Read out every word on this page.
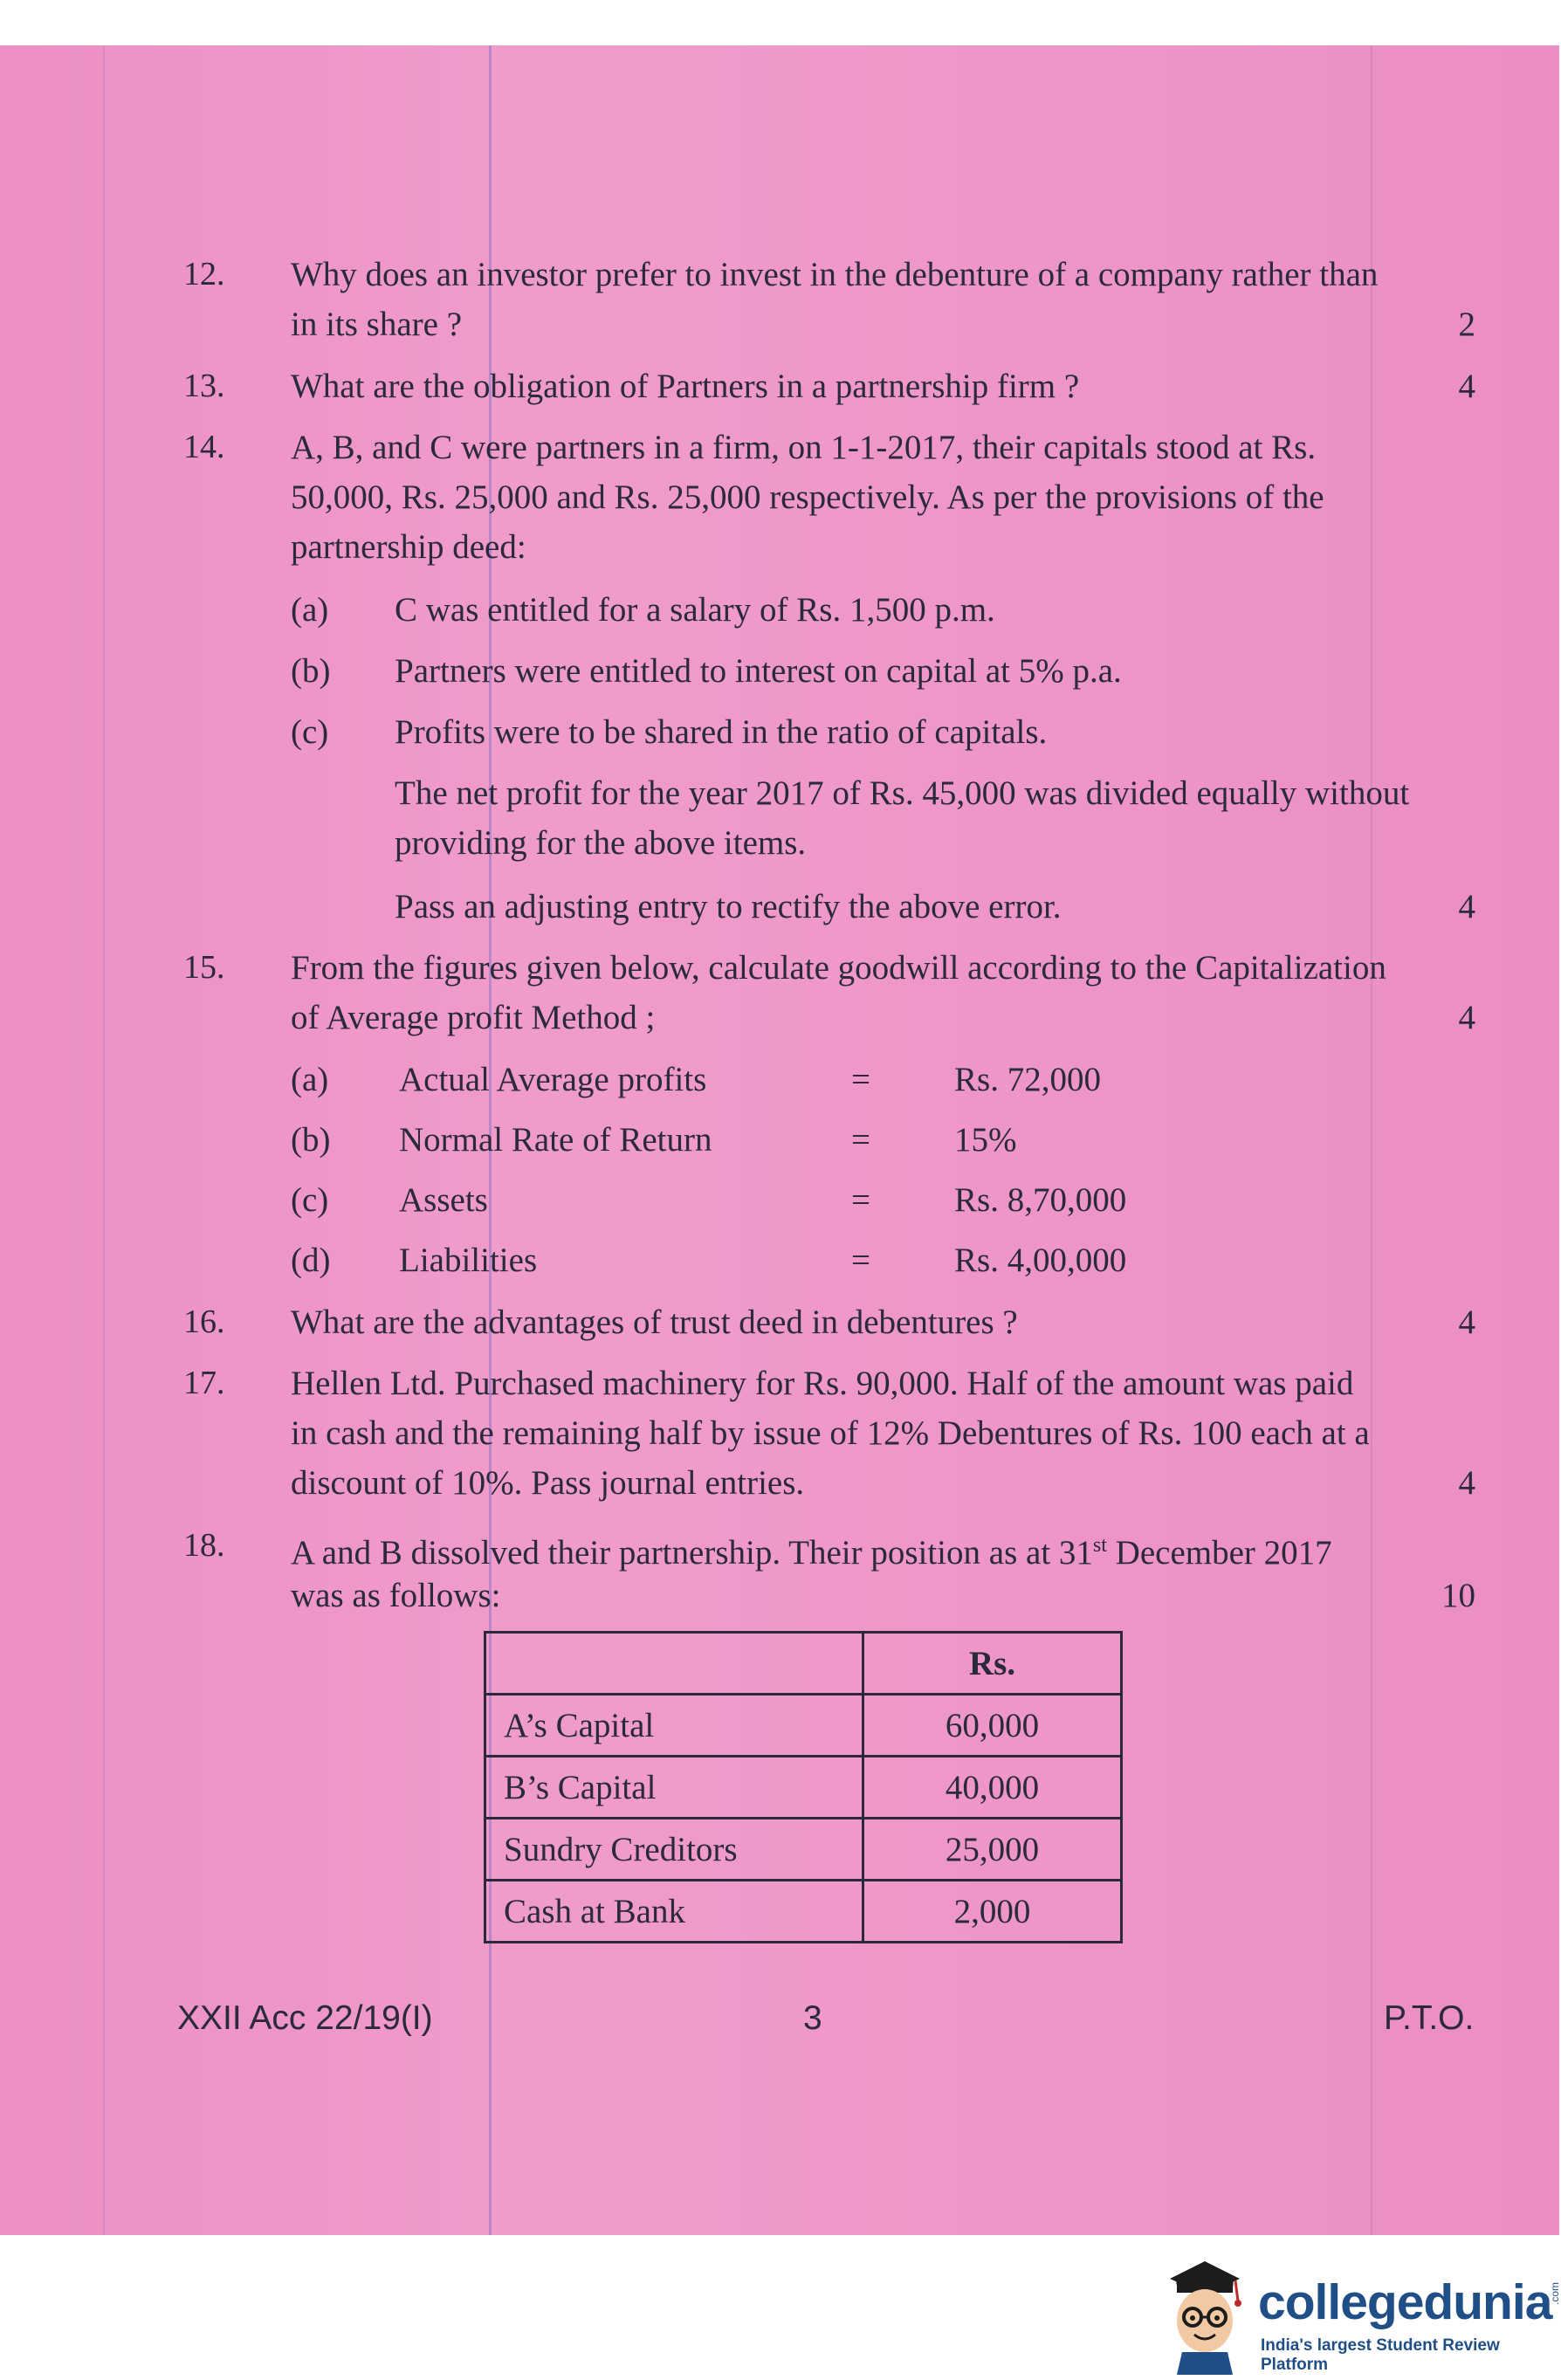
12. Why does an investor prefer to invest in the debenture of a company rather than
in its share ?	2
13. What are the obligation of Partners in a partnership firm ?	4
14. A, B, and C were partners in a firm, on 1-1-2017, their capitals stood at Rs.
50,000, Rs. 25,000 and Rs. 25,000 respectively. As per the provisions of the
partnership deed:
(a) C was entitled for a salary of Rs. 1,500 p.m.
(b) Partners were entitled to interest on capital at 5% p.a.
(c) Profits were to be shared in the ratio of capitals.
The net profit for the year 2017 of Rs. 45,000 was divided equally without
providing for the above items.
Pass an adjusting entry to rectify the above error.	4
15. From the figures given below, calculate goodwill according to the Capitalization
of Average profit Method ;	4
(a) Actual Average profits	= Rs. 72,000
(b) Normal Rate of Return	= 15%
(c) Assets	= Rs. 8,70,000
(d) Liabilities	= Rs. 4,00,000
16. What are the advantages of trust deed in debentures ?	4
17. Hellen Ltd. Purchased machinery for Rs. 90,000. Half of the amount was paid
in cash and the remaining half by issue of 12% Debentures of Rs. 100 each at a
discount of 10%. Pass journal entries.	4
18. A and B dissolved their partnership. Their position as at 31st December 2017
was as follows:	10
	Rs.
A’s Capital	60,000
B’s Capital	40,000
Sundry Creditors	25,000
Cash at Bank	2,000
XXII Acc 22/19(I)	3	P.T.O.
collegedunia
.com
India's largest Student Review Platform
